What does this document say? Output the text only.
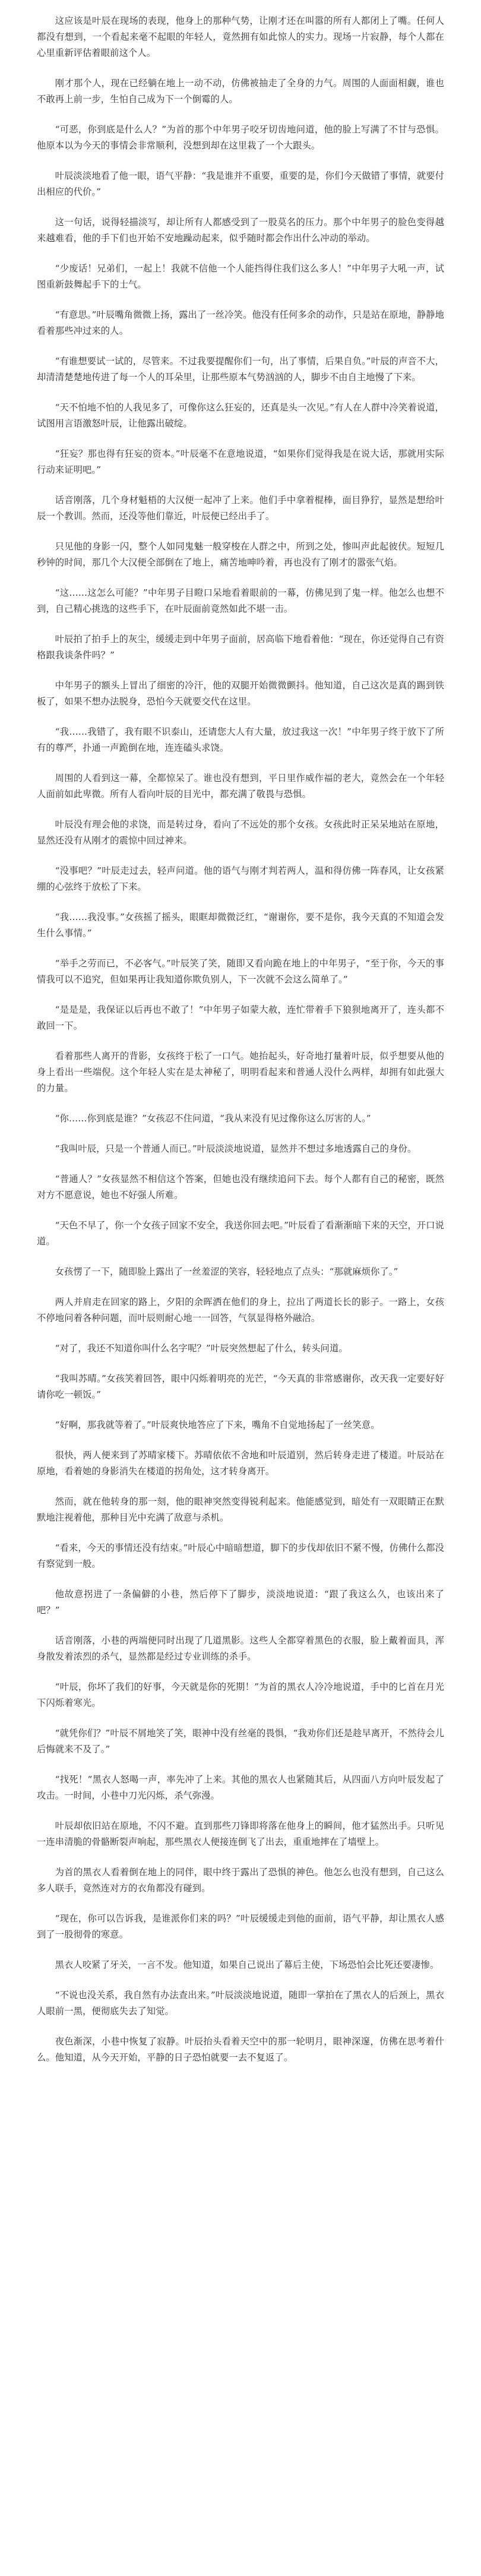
这应该是叶辰在现场的表现，他身上的那种气势，让刚才还在叫嚣的所有人都闭上了嘴。任何人都没有想到，一个看起来毫不起眼的年轻人，竟然拥有如此惊人的实力。现场一片寂静，每个人都在心里重新评估着眼前这个人。

刚才那个人，现在已经躺在地上一动不动，仿佛被抽走了全身的力气。周围的人面面相觑，谁也不敢再上前一步，生怕自己成为下一个倒霉的人。

“可恶，你到底是什么人？”为首的那个中年男子咬牙切齿地问道，他的脸上写满了不甘与恐惧。他原本以为今天的事情会非常顺利，没想到却在这里栽了一个大跟头。

叶辰淡淡地看了他一眼，语气平静：“我是谁并不重要，重要的是，你们今天做错了事情，就要付出相应的代价。”

这一句话，说得轻描淡写，却让所有人都感受到了一股莫名的压力。那个中年男子的脸色变得越来越难看，他的手下们也开始不安地躁动起来，似乎随时都会作出什么冲动的举动。

“少废话！兄弟们，一起上！我就不信他一个人能挡得住我们这么多人！”中年男子大吼一声，试图重新鼓舞起手下的士气。

“有意思。”叶辰嘴角微微上扬，露出了一丝冷笑。他没有任何多余的动作，只是站在原地，静静地看着那些冲过来的人。

“有谁想要试一试的，尽管来。不过我要提醒你们一句，出了事情，后果自负。”叶辰的声音不大，却清清楚楚地传进了每一个人的耳朵里，让那些原本气势汹汹的人，脚步不由自主地慢了下来。

“天不怕地不怕的人我见多了，可像你这么狂妄的，还真是头一次见。”有人在人群中冷笑着说道，试图用言语激怒叶辰，让他露出破绽。

“狂妄？那也得有狂妄的资本。”叶辰毫不在意地说道，“如果你们觉得我是在说大话，那就用实际行动来证明吧。”

话音刚落，几个身材魁梧的大汉便一起冲了上来。他们手中拿着棍棒，面目狰狞，显然是想给叶辰一个教训。然而，还没等他们靠近，叶辰便已经出手了。

只见他的身影一闪，整个人如同鬼魅一般穿梭在人群之中，所到之处，惨叫声此起彼伏。短短几秒钟的时间，那几个大汉便全部倒在了地上，痛苦地呻吟着，再也没有了刚才的嚣张气焰。

“这……这怎么可能？”中年男子目瞪口呆地看着眼前的一幕，仿佛见到了鬼一样。他怎么也想不到，自己精心挑选的这些手下，在叶辰面前竟然如此不堪一击。

叶辰拍了拍手上的灰尘，缓缓走到中年男子面前，居高临下地看着他：“现在，你还觉得自己有资格跟我谈条件吗？”

中年男子的额头上冒出了细密的冷汗，他的双腿开始微微颤抖。他知道，自己这次是真的踢到铁板了，如果不想办法脱身，恐怕今天就要交代在这里。

“我……我错了，我有眼不识泰山，还请您大人有大量，放过我这一次！”中年男子终于放下了所有的尊严，扑通一声跪倒在地，连连磕头求饶。

周围的人看到这一幕，全都惊呆了。谁也没有想到，平日里作威作福的老大，竟然会在一个年轻人面前如此卑微。所有人看向叶辰的目光中，都充满了敬畏与恐惧。

叶辰没有理会他的求饶，而是转过身，看向了不远处的那个女孩。女孩此时正呆呆地站在原地，显然还没有从刚才的震惊中回过神来。

“没事吧？”叶辰走过去，轻声问道。他的语气与刚才判若两人，温和得仿佛一阵春风，让女孩紧绷的心弦终于放松了下来。

“我……我没事。”女孩摇了摇头，眼眶却微微泛红，“谢谢你，要不是你，我今天真的不知道会发生什么事情。”

“举手之劳而已，不必客气。”叶辰笑了笑，随即又看向跪在地上的中年男子，“至于你，今天的事情我可以不追究，但如果再让我知道你欺负别人，下一次就不会这么简单了。”

“是是是，我保证以后再也不敢了！”中年男子如蒙大赦，连忙带着手下狼狈地离开了，连头都不敢回一下。

看着那些人离开的背影，女孩终于松了一口气。她抬起头，好奇地打量着叶辰，似乎想要从他的身上看出一些端倪。这个年轻人实在是太神秘了，明明看起来和普通人没什么两样，却拥有如此强大的力量。

“你……你到底是谁？”女孩忍不住问道，“我从来没有见过像你这么厉害的人。”

“我叫叶辰，只是一个普通人而已。”叶辰淡淡地说道，显然并不想过多地透露自己的身份。

“普通人？”女孩显然不相信这个答案，但她也没有继续追问下去。每个人都有自己的秘密，既然对方不愿意说，她也不好强人所难。

“天色不早了，你一个女孩子回家不安全，我送你回去吧。”叶辰看了看渐渐暗下来的天空，开口说道。

女孩愣了一下，随即脸上露出了一丝羞涩的笑容，轻轻地点了点头：“那就麻烦你了。”

两人并肩走在回家的路上，夕阳的余晖洒在他们的身上，拉出了两道长长的影子。一路上，女孩不停地问着各种问题，而叶辰则耐心地一一回答，气氛显得格外融洽。

“对了，我还不知道你叫什么名字呢？”叶辰突然想起了什么，转头问道。

“我叫苏晴。”女孩笑着回答，眼中闪烁着明亮的光芒，“今天真的非常感谢你，改天我一定要好好请你吃一顿饭。”

“好啊，那我就等着了。”叶辰爽快地答应了下来，嘴角不自觉地扬起了一丝笑意。

很快，两人便来到了苏晴家楼下。苏晴依依不舍地和叶辰道别，然后转身走进了楼道。叶辰站在原地，看着她的身影消失在楼道的拐角处，这才转身离开。

然而，就在他转身的那一刻，他的眼神突然变得锐利起来。他能感觉到，暗处有一双眼睛正在默默地注视着他，那种目光中充满了敌意与杀机。

“看来，今天的事情还没有结束。”叶辰心中暗暗想道，脚下的步伐却依旧不紧不慢，仿佛什么都没有察觉到一般。

他故意拐进了一条偏僻的小巷，然后停下了脚步，淡淡地说道：“跟了我这么久，也该出来了吧？”

话音刚落，小巷的两端便同时出现了几道黑影。这些人全都穿着黑色的衣服，脸上戴着面具，浑身散发着浓烈的杀气，显然都是经过专业训练的杀手。

“叶辰，你坏了我们的好事，今天就是你的死期！”为首的黑衣人冷冷地说道，手中的匕首在月光下闪烁着寒光。

“就凭你们？”叶辰不屑地笑了笑，眼神中没有丝毫的畏惧，“我劝你们还是趁早离开，不然待会儿后悔就来不及了。”

“找死！”黑衣人怒喝一声，率先冲了上来。其他的黑衣人也紧随其后，从四面八方向叶辰发起了攻击。一时间，小巷中刀光闪烁，杀气弥漫。

叶辰却依旧站在原地，不闪不避。直到那些刀锋即将落在他身上的瞬间，他才猛然出手。只听见一连串清脆的骨骼断裂声响起，那些黑衣人便接连倒飞了出去，重重地摔在了墙壁上。

为首的黑衣人看着倒在地上的同伴，眼中终于露出了恐惧的神色。他怎么也没有想到，自己这么多人联手，竟然连对方的衣角都没有碰到。

“现在，你可以告诉我，是谁派你们来的吗？”叶辰缓缓走到他的面前，语气平静，却让黑衣人感到了一股彻骨的寒意。

黑衣人咬紧了牙关，一言不发。他知道，如果自己说出了幕后主使，下场恐怕会比死还要凄惨。

“不说也没关系，我自然有办法查出来。”叶辰淡淡地说道，随即一掌拍在了黑衣人的后颈上，黑衣人眼前一黑，便彻底失去了知觉。

夜色渐深，小巷中恢复了寂静。叶辰抬头看着天空中的那一轮明月，眼神深邃，仿佛在思考着什么。他知道，从今天开始，平静的日子恐怕就要一去不复返了。
